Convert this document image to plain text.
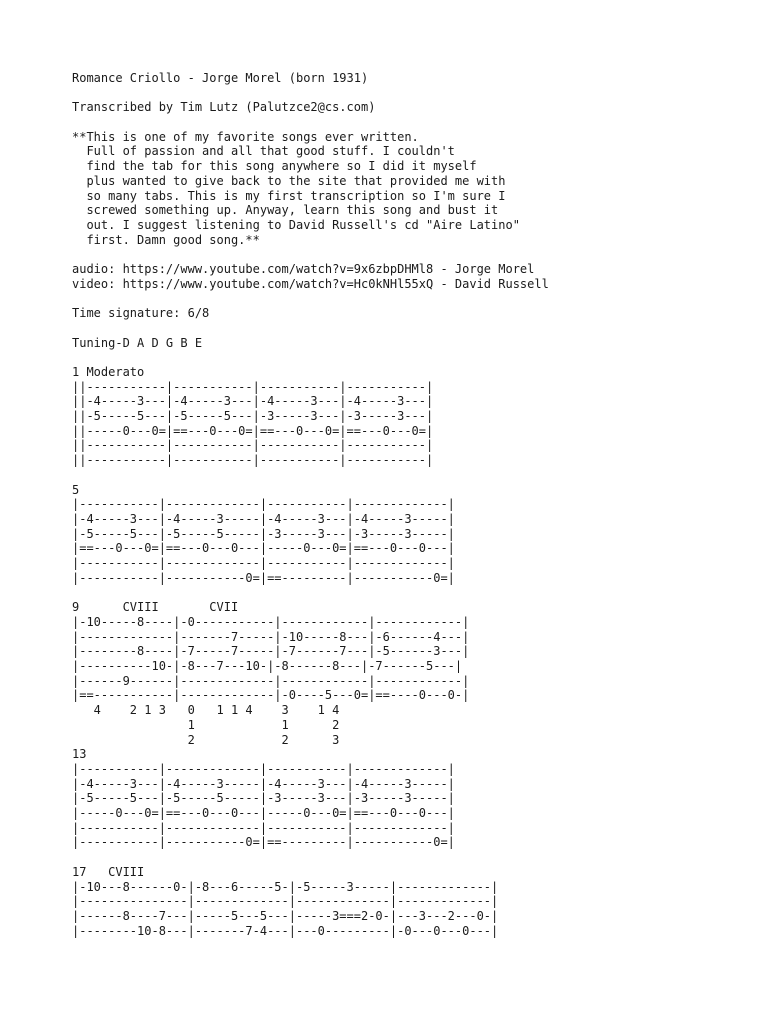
Romance Criollo - Jorge Morel (born 1931)
Transcribed by Tim Lutz (Palutzce2@cs.com)
**This is one of my favorite songs ever written.
Full of passion and all that good stuff. I couldn't
find the tab for this song anywhere so I did it myself
plus wanted to give back to the site that provided me with
so many tabs. This is my first transcription so I'm sure I
screwed something up. Anyway, learn this song and bust it
out. I suggest listening to David Russell's cd "Aire Latino"
first. Damn good song.**
audio: https://www.youtube.com/watch?v=9x6zbpDHMl8 - Jorge Morel
video: https://www.youtube.com/watch?v=Hc0kNHl55xQ - David Russell
Time signature: 6/8
Tuning-D A D G B E
1 Moderato
||-----------|-----------|-----------|-----------|
||-4-----3---|-4-----3---|-4-----3---|-4-----3---|
||-5-----5---|-5-----5---|-3-----3---|-3-----3---|
||-----0---0=|==---0---0=|==---0---0=|==---0---0=|
||-----------|-----------|-----------|-----------|
||-----------|-----------|-----------|-----------|
5
|-----------|-------------|-----------|-------------|
|-4-----3---|-4-----3-----|-4-----3---|-4-----3-----|
|-5-----5---|-5-----5-----|-3-----3---|-3-----3-----|
|==---0---0=|==---0---0---|-----0---0=|==---0---0---|
|-----------|-------------|-----------|-------------|
|-----------|-----------0=|==---------|-----------0=|
9      CVIII       CVII
|-10-----8----|-0-----------|------------|------------|
|-------------|-------7-----|-10-----8---|-6------4---|
|--------8----|-7-----7-----|-7------7---|-5------3---|
|----------10-|-8---7---10-|-8------8---|-7------5---|
|------9------|-------------|------------|------------|
|==-----------|-------------|-0----5---0=|==----0---0-|
4    2 1 3   0   1 1 4    3    1 4
1            1      2
2            2      3
13
|-----------|-------------|-----------|-------------|
|-4-----3---|-4-----3-----|-4-----3---|-4-----3-----|
|-5-----5---|-5-----5-----|-3-----3---|-3-----3-----|
|-----0---0=|==---0---0---|-----0---0=|==---0---0---|
|-----------|-------------|-----------|-------------|
|-----------|-----------0=|==---------|-----------0=|
17   CVIII
|-10---8------0-|-8---6-----5-|-5-----3-----|-------------|
|---------------|-------------|-------------|-------------|
|------8----7---|-----5---5---|-----3===2-0-|---3---2---0-|
|--------10-8---|-------7-4---|---0---------|-0---0---0---|
